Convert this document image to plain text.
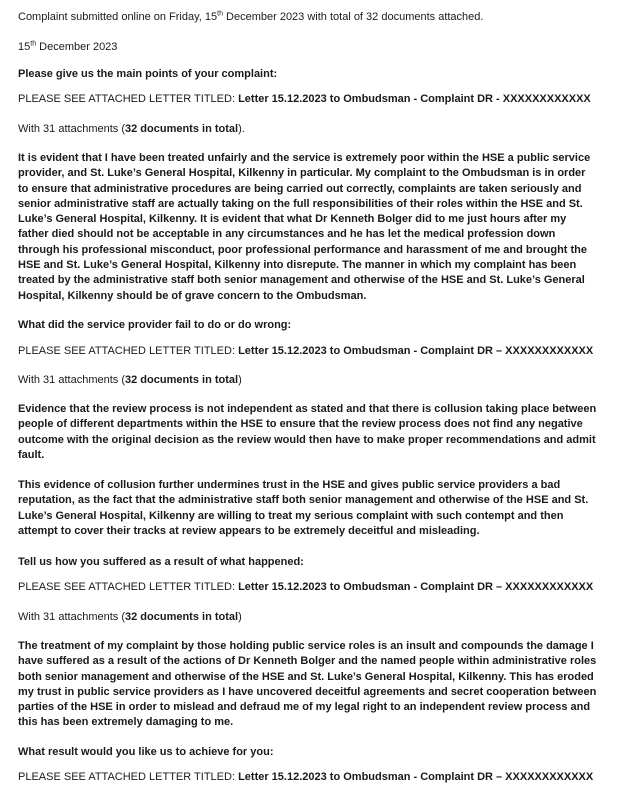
Complaint submitted online on Friday, 15th December 2023 with total of 32 documents attached.
15th December 2023
Please give us the main points of your complaint:
PLEASE SEE ATTACHED LETTER TITLED: Letter 15.12.2023 to Ombudsman - Complaint DR - XXXXXXXXXXXX
With 31 attachments (32 documents in total).
It is evident that I have been treated unfairly and the service is extremely poor within the HSE a public service provider, and St. Luke’s General Hospital, Kilkenny in particular. My complaint to the Ombudsman is in order to ensure that administrative procedures are being carried out correctly, complaints are taken seriously and senior administrative staff are actually taking on the full responsibilities of their roles within the HSE and St. Luke’s General Hospital, Kilkenny. It is evident that what Dr Kenneth Bolger did to me just hours after my father died should not be acceptable in any circumstances and he has let the medical profession down through his professional misconduct, poor professional performance and harassment of me and brought the HSE and St. Luke’s General Hospital, Kilkenny into disrepute. The manner in which my complaint has been treated by the administrative staff both senior management and otherwise of the HSE and St. Luke’s General Hospital, Kilkenny should be of grave concern to the Ombudsman.
What did the service provider fail to do or do wrong:
PLEASE SEE ATTACHED LETTER TITLED: Letter 15.12.2023 to Ombudsman - Complaint DR – XXXXXXXXXXXX
With 31 attachments (32 documents in total)
Evidence that the review process is not independent as stated and that there is collusion taking place between people of different departments within the HSE to ensure that the review process does not find any negative outcome with the original decision as the review would then have to make proper recommendations and admit fault.
This evidence of collusion further undermines trust in the HSE and gives public service providers a bad reputation, as the fact that the administrative staff both senior management and otherwise of the HSE and St. Luke’s General Hospital, Kilkenny are willing to treat my serious complaint with such contempt and then attempt to cover their tracks at review appears to be extremely deceitful and misleading.
Tell us how you suffered as a result of what happened:
PLEASE SEE ATTACHED LETTER TITLED: Letter 15.12.2023 to Ombudsman - Complaint DR – XXXXXXXXXXXX
With 31 attachments (32 documents in total)
The treatment of my complaint by those holding public service roles is an insult and compounds the damage I have suffered as a result of the actions of Dr Kenneth Bolger and the named people within administrative roles both senior management and otherwise of the HSE and St. Luke’s General Hospital, Kilkenny. This has eroded my trust in public service providers as I have uncovered deceitful agreements and secret cooperation between parties of the HSE in order to mislead and defraud me of my legal right to an independent review process and this has been extremely damaging to me.
What result would you like us to achieve for you:
PLEASE SEE ATTACHED LETTER TITLED: Letter 15.12.2023 to Ombudsman - Complaint DR – XXXXXXXXXXXX
